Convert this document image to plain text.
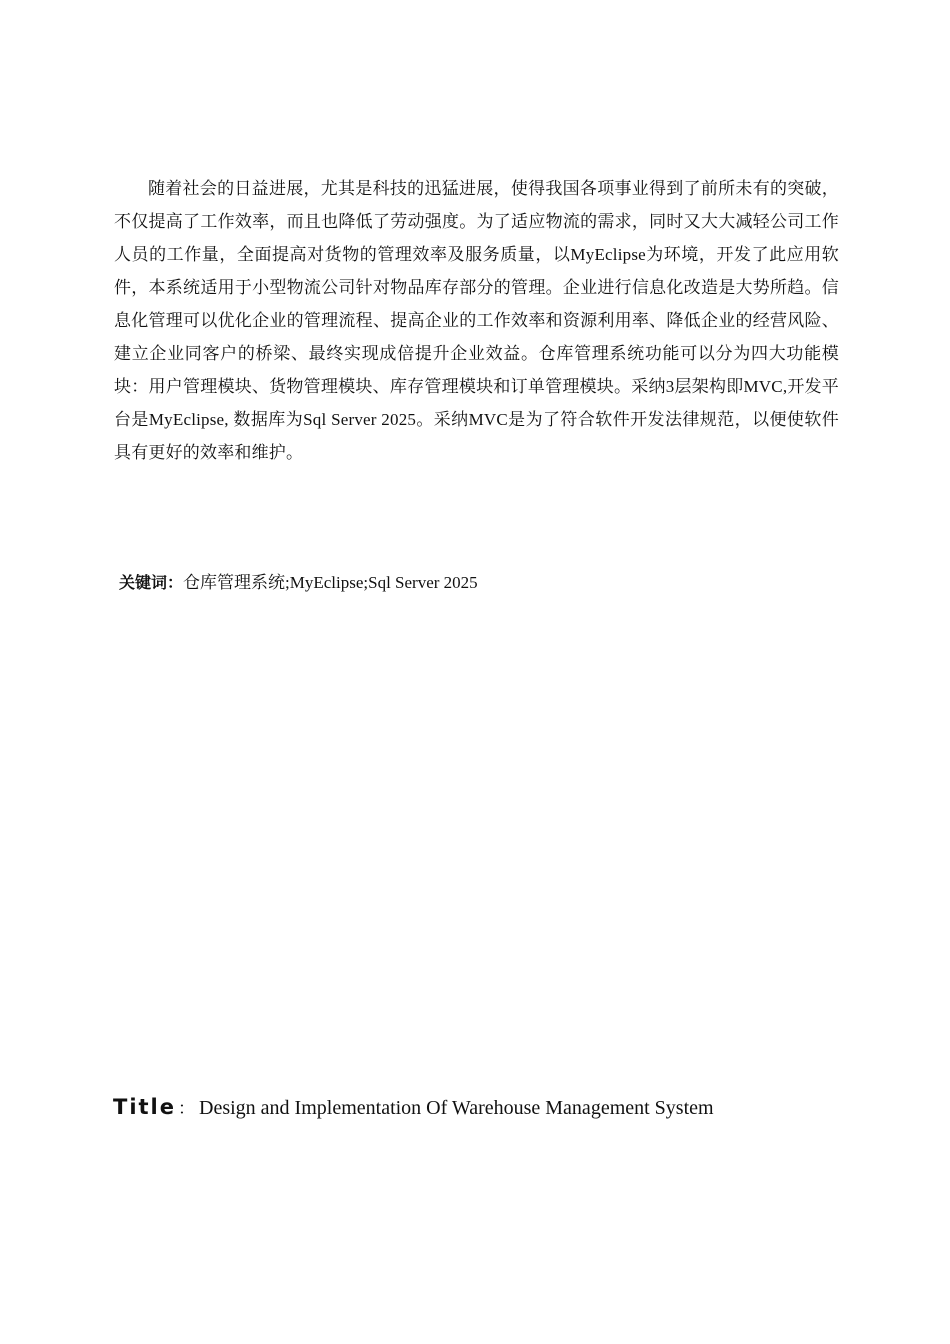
随着社会的日益进展，尤其是科技的迅猛进展，使得我国各项事业得到了前所未有的突破，不仅提高了工作效率，而且也降低了劳动强度。为了适应物流的需求，同时又大大减轻公司工作人员的工作量，全面提高对货物的管理效率及服务质量，以MyEclipse为环境，开发了此应用软件，本系统适用于小型物流公司针对物品库存部分的管理。企业进行信息化改造是大势所趋。信息化管理可以优化企业的管理流程、提高企业的工作效率和资源利用率、降低企业的经营风险、建立企业同客户的桥梁、最终实现成倍提升企业效益。仓库管理系统功能可以分为四大功能模块：用户管理模块、货物管理模块、库存管理模块和订单管理模块。采纳3层架构即MVC,开发平台是MyEclipse, 数据库为Sql Server 2025。采纳MVC是为了符合软件开发法律规范，以便使软件具有更好的效率和维护。

关键词：仓库管理系统;MyEclipse;Sql Server 2025

Title ： Design and Implementation Of Warehouse Management System
